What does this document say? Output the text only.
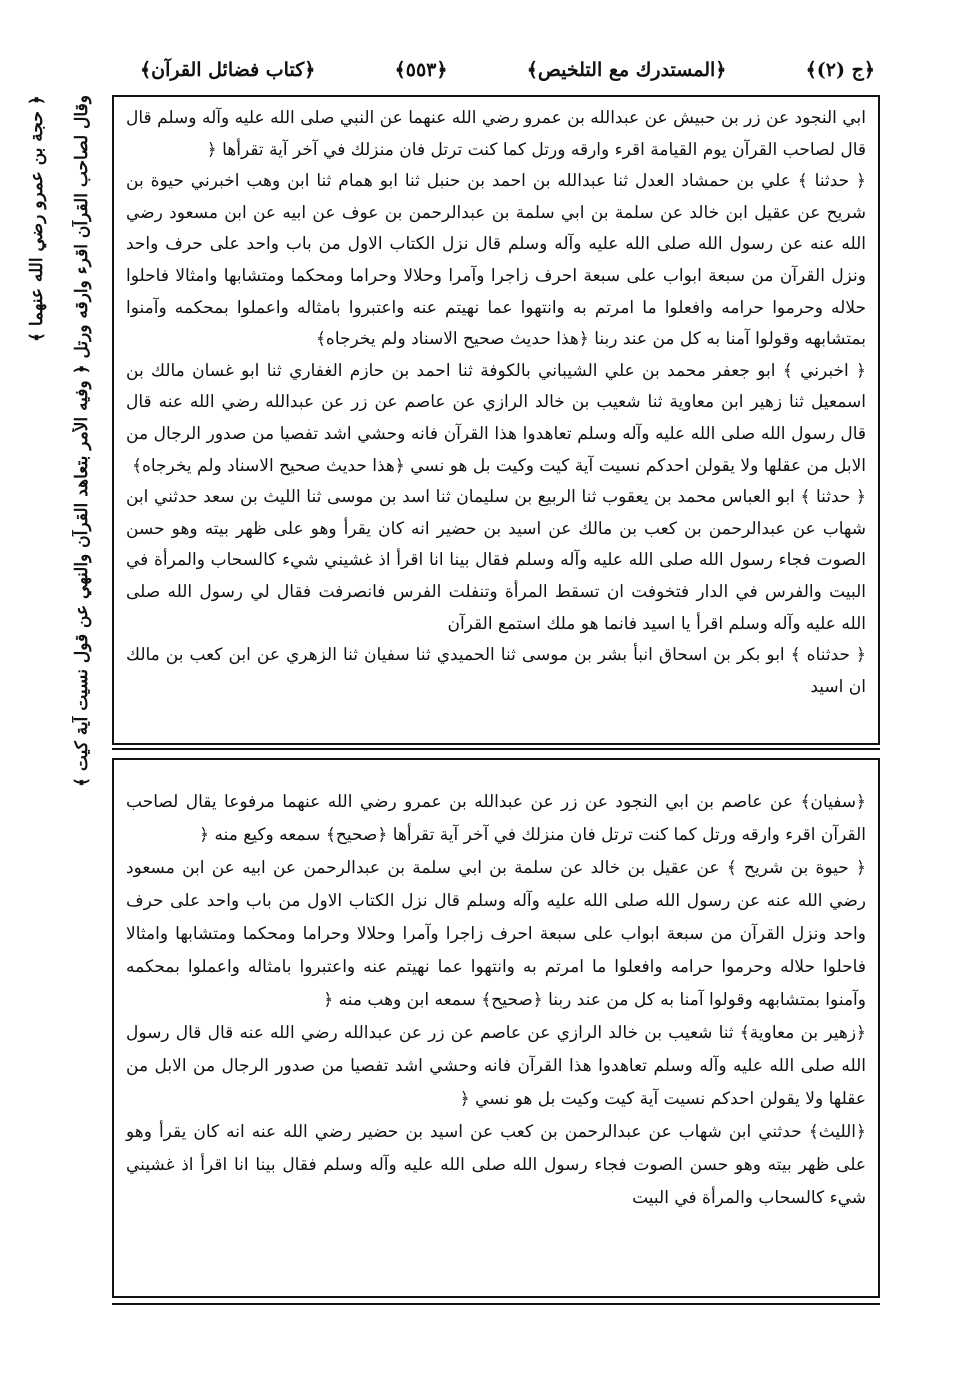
﴿ج (٢)﴾
﴿المستدرك مع التلخيص﴾
﴿٥٥٣﴾
﴿كتاب فضائل القرآن﴾
وقال لصاحب القرآن اقرء وارقه ورتل ﴿ وفيه الأمر بتعاهد القرآن والنهي عن قول نسيت آية كيت ﴾
﴿ حجة بن عمرو رضي الله عنهما ﴾	ابي النجود عن زر بن حبيش عن عبدالله بن عمرو رضي الله عنهما عن النبي صلى الله عليه وآله وسلم قال قال لصاحب القرآن يوم القيامة اقرء وارقه ورتل كما كنت ترتل فان منزلك في آخر آية تقرأها ﴿

﴿ حدثنا ﴾ علي بن حمشاد العدل ثنا عبدالله بن احمد بن حنبل ثنا ابو همام ثنا ابن وهب اخبرني حيوة بن شريح عن عقيل ابن خالد عن سلمة بن ابي سلمة بن عبدالرحمن بن عوف عن ابيه عن ابن مسعود رضي الله عنه عن رسول الله صلى الله عليه وآله وسلم قال نزل الكتاب الاول من باب واحد على حرف واحد ونزل القرآن من سبعة ابواب على سبعة احرف زاجرا وآمرا وحلالا وحراما ومحكما ومتشابها وامثالا فاحلوا حلاله وحرموا حرامه وافعلوا ما امرتم به وانتهوا عما نهيتم عنه واعتبروا بامثاله واعملوا بمحكمه وآمنوا بمتشابهه وقولوا آمنا به كل من عند ربنا ﴿هذا حديث صحيح الاسناد ولم يخرجاه﴾

﴿ اخبرني ﴾ ابو جعفر محمد بن علي الشيباني بالكوفة ثنا احمد بن حازم الغفاري ثنا ابو غسان مالك بن اسمعيل ثنا زهير ابن معاوية ثنا شعيب بن خالد الرازي عن عاصم عن زر عن عبدالله رضي الله عنه قال قال رسول الله صلى الله عليه وآله وسلم تعاهدوا هذا القرآن فانه وحشي اشد تفصيا من صدور الرجال من الابل من عقلها ولا يقولن احدكم نسيت آية كيت وكيت بل هو نسي ﴿هذا حديث صحيح الاسناد ولم يخرجاه﴾

﴿ حدثنا ﴾ ابو العباس محمد بن يعقوب ثنا الربيع بن سليمان ثنا اسد بن موسى ثنا الليث بن سعد حدثني ابن شهاب عن عبدالرحمن بن كعب بن مالك عن اسيد بن حضير انه كان يقرأ وهو على ظهر بيته وهو حسن الصوت فجاء رسول الله صلى الله عليه وآله وسلم فقال بينا انا اقرأ اذ غشيني شيء كالسحاب والمرأة في البيت والفرس في الدار فتخوفت ان تسقط المرأة وتنفلت الفرس فانصرفت فقال لي رسول الله صلى الله عليه وآله وسلم اقرأ يا اسيد فانما هو ملك استمع القرآن

﴿ حدثناه ﴾ ابو بكر بن اسحاق انبأ بشر بن موسى ثنا الحميدي ثنا سفيان ثنا الزهري عن ابن كعب بن مالك ان اسيد

﴿سفيان﴾ عن عاصم بن ابي النجود عن زر عن عبدالله بن عمرو رضي الله عنهما مرفوعا يقال لصاحب القرآن اقرء وارقه ورتل كما كنت ترتل فان منزلك في آخر آية تقرأها ﴿صحيح﴾ سمعه وكيع منه ﴿

﴿ حيوة بن شريح ﴾ عن عقيل بن خالد عن سلمة بن ابي سلمة بن عبدالرحمن عن ابيه عن ابن مسعود رضي الله عنه عن رسول الله صلى الله عليه وآله وسلم قال نزل الكتاب الاول من باب واحد على حرف واحد ونزل القرآن من سبعة ابواب على سبعة احرف زاجرا وآمرا وحلالا وحراما ومحكما ومتشابها وامثالا فاحلوا حلاله وحرموا حرامه وافعلوا ما امرتم به وانتهوا عما نهيتم عنه واعتبروا بامثاله واعملوا بمحكمه وآمنوا بمتشابهه وقولوا آمنا به كل من عند ربنا ﴿صحيح﴾ سمعه ابن وهب منه ﴿

﴿زهير بن معاوية﴾ ثنا شعيب بن خالد الرازي عن عاصم عن زر عن عبدالله رضي الله عنه قال قال رسول الله صلى الله عليه وآله وسلم تعاهدوا هذا القرآن فانه وحشي اشد تفصيا من صدور الرجال من الابل من عقلها ولا يقولن احدكم نسيت آية كيت وكيت بل هو نسي ﴿

﴿الليث﴾ حدثني ابن شهاب عن عبدالرحمن بن كعب عن اسيد بن حضير رضي الله عنه انه كان يقرأ وهو على ظهر بيته وهو حسن الصوت فجاء رسول الله صلى الله عليه وآله وسلم فقال بينا انا اقرأ اذ غشيني شيء كالسحاب والمرأة في البيت
